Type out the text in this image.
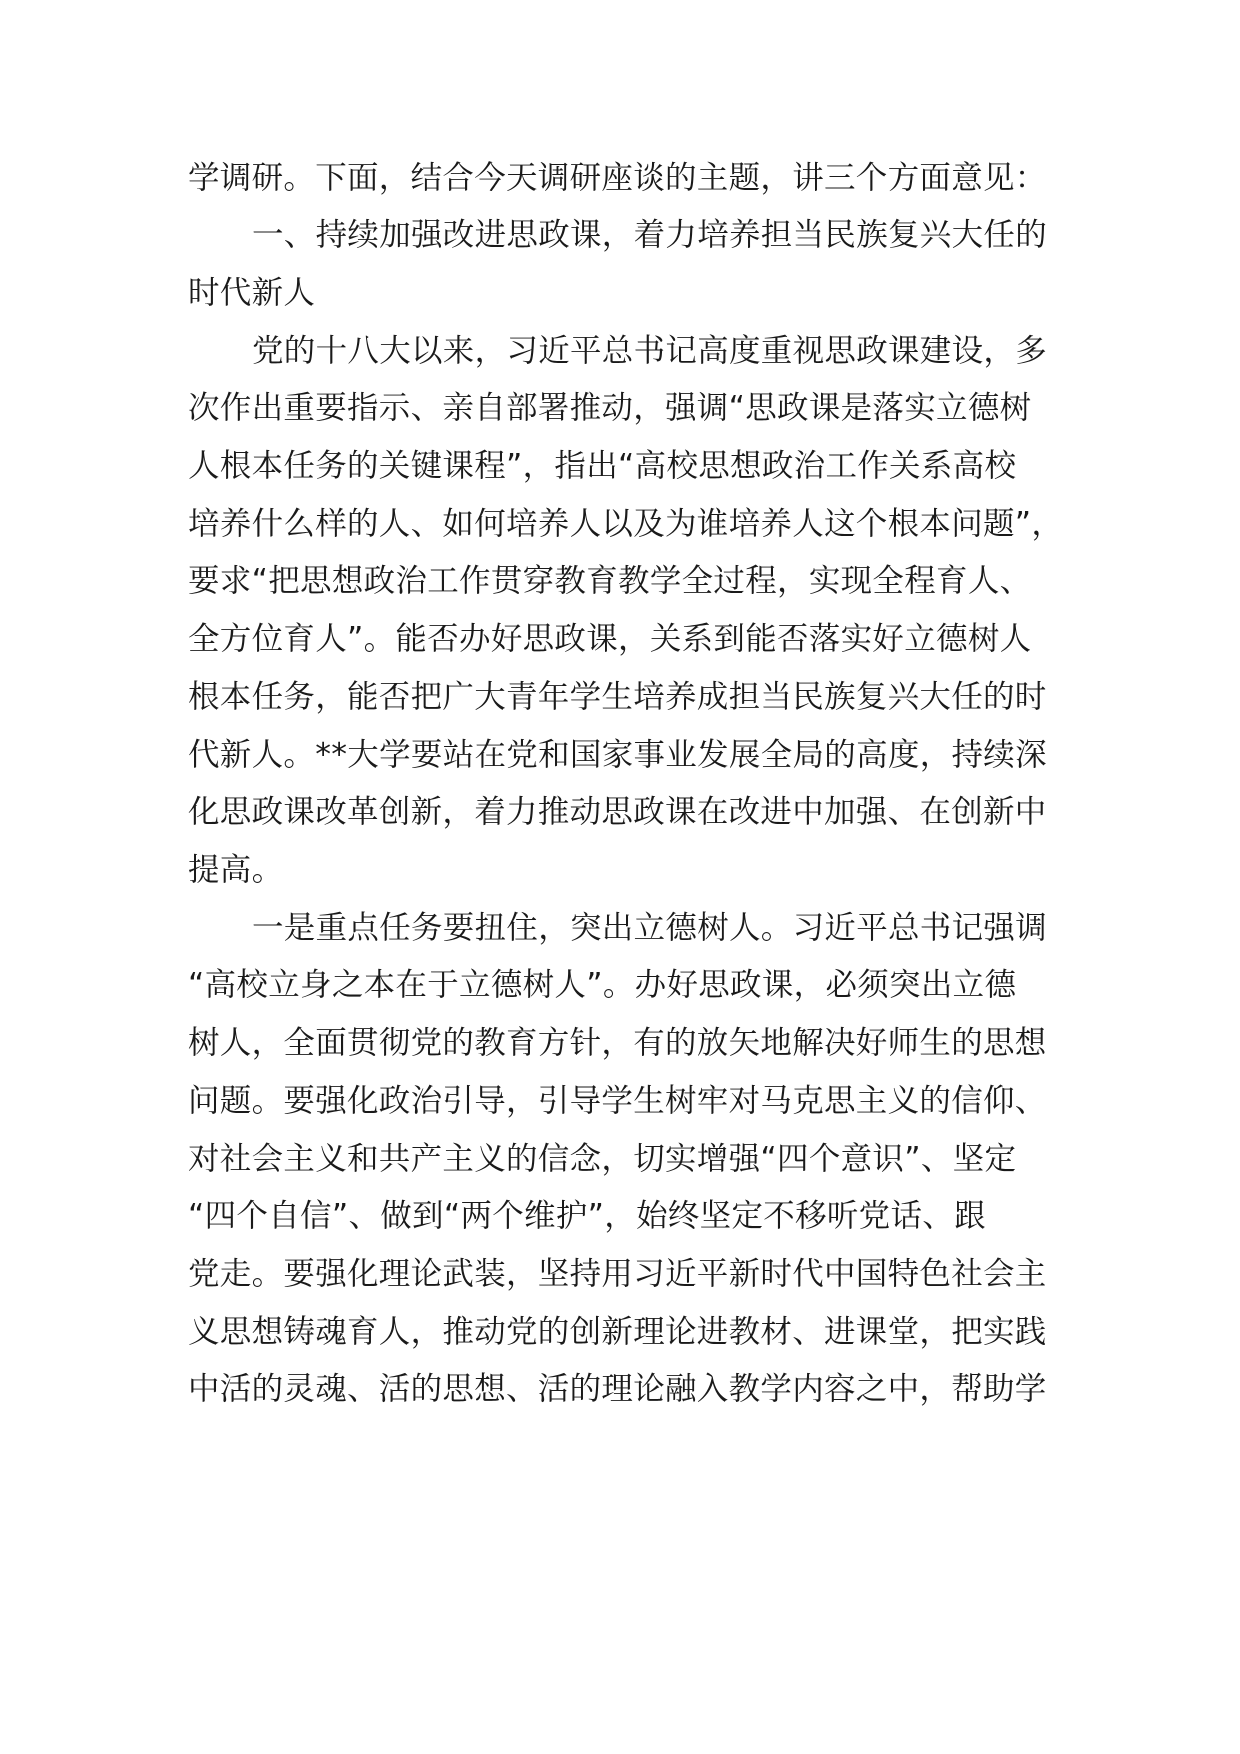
学调研。下面，结合今天调研座谈的主题，讲三个方面意见：
一、持续加强改进思政课，着力培养担当民族复兴大任的
时代新人
党的十八大以来，习近平总书记高度重视思政课建设，多
次作出重要指示、亲自部署推动，强调“思政课是落实立德树
人根本任务的关键课程”，指出“高校思想政治工作关系高校
培养什么样的人、如何培养人以及为谁培养人这个根本问题”，
要求“把思想政治工作贯穿教育教学全过程，实现全程育人、
全方位育人”。能否办好思政课，关系到能否落实好立德树人
根本任务，能否把广大青年学生培养成担当民族复兴大任的时
代新人。**大学要站在党和国家事业发展全局的高度，持续深
化思政课改革创新，着力推动思政课在改进中加强、在创新中
提高。
一是重点任务要扭住，突出立德树人。习近平总书记强调
“高校立身之本在于立德树人”。办好思政课，必须突出立德
树人，全面贯彻党的教育方针，有的放矢地解决好师生的思想
问题。要强化政治引导，引导学生树牢对马克思主义的信仰、
对社会主义和共产主义的信念，切实增强“四个意识”、坚定
“四个自信”、做到“两个维护”，始终坚定不移听党话、跟
党走。要强化理论武装，坚持用习近平新时代中国特色社会主
义思想铸魂育人，推动党的创新理论进教材、进课堂，把实践
中活的灵魂、活的思想、活的理论融入教学内容之中，帮助学
